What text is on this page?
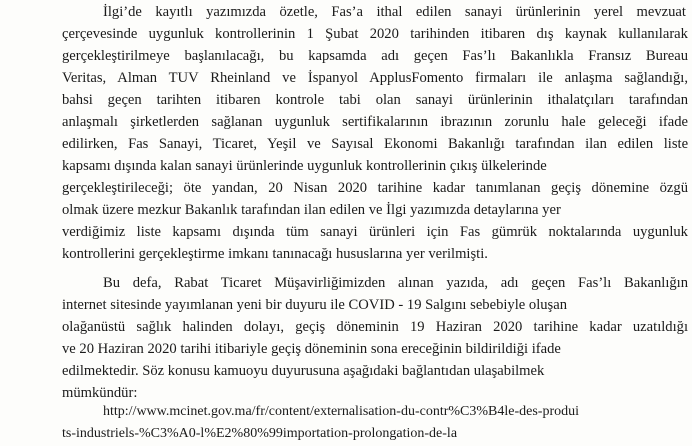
İlgi’de kayıtlı yazımızda özetle, Fas’a ithal edilen sanayi ürünlerinin yerel mevzuat
çerçevesinde uygunluk kontrollerinin 1 Şubat 2020 tarihinden itibaren dış kaynak kullanılarak
gerçekleştirilmeye başlanılacağı, bu kapsamda adı geçen Fas’lı Bakanlıkla Fransız Bureau
Veritas, Alman TUV Rheinland ve İspanyol ApplusFomento firmaları ile anlaşma sağlandığı,
bahsi geçen tarihten itibaren kontrole tabi olan sanayi ürünlerinin ithalatçıları tarafından
anlaşmalı şirketlerden sağlanan uygunluk sertifikalarının ibrazının zorunlu hale geleceği ifade
edilirken, Fas Sanayi, Ticaret, Yeşil ve Sayısal Ekonomi Bakanlığı tarafından ilan edilen liste
kapsamı dışında kalan sanayi ürünlerinde uygunluk kontrollerinin çıkış ülkelerinde
gerçekleştirileceği; öte yandan, 20 Nisan 2020 tarihine kadar tanımlanan geçiş dönemine özgü
olmak üzere mezkur Bakanlık tarafından ilan edilen ve İlgi yazımızda detaylarına yer
verdiğimiz liste kapsamı dışında tüm sanayi ürünleri için Fas gümrük noktalarında uygunluk
kontrollerini gerçekleştirme imkanı tanınacağı hususlarına yer verilmişti.
Bu defa, Rabat Ticaret Müşavirliğimizden alınan yazıda, adı geçen Fas’lı Bakanlığın
internet sitesinde yayımlanan yeni bir duyuru ile COVID - 19 Salgını sebebiyle oluşan
olağanüstü sağlık halinden dolayı, geçiş döneminin 19 Haziran 2020 tarihine kadar uzatıldığı
ve 20 Haziran 2020 tarihi itibariyle geçiş döneminin sona ereceğinin bildirildiği ifade
edilmektedir. Söz konusu kamuoyu duyurusuna aşağıdaki bağlantıdan ulaşabilmek
mümkündür:
http://www.mcinet.gov.ma/fr/content/externalisation-du-contr%C3%B4le-des-produi
ts-industriels-%C3%A0-l%E2%80%99importation-prolongation-de-la
